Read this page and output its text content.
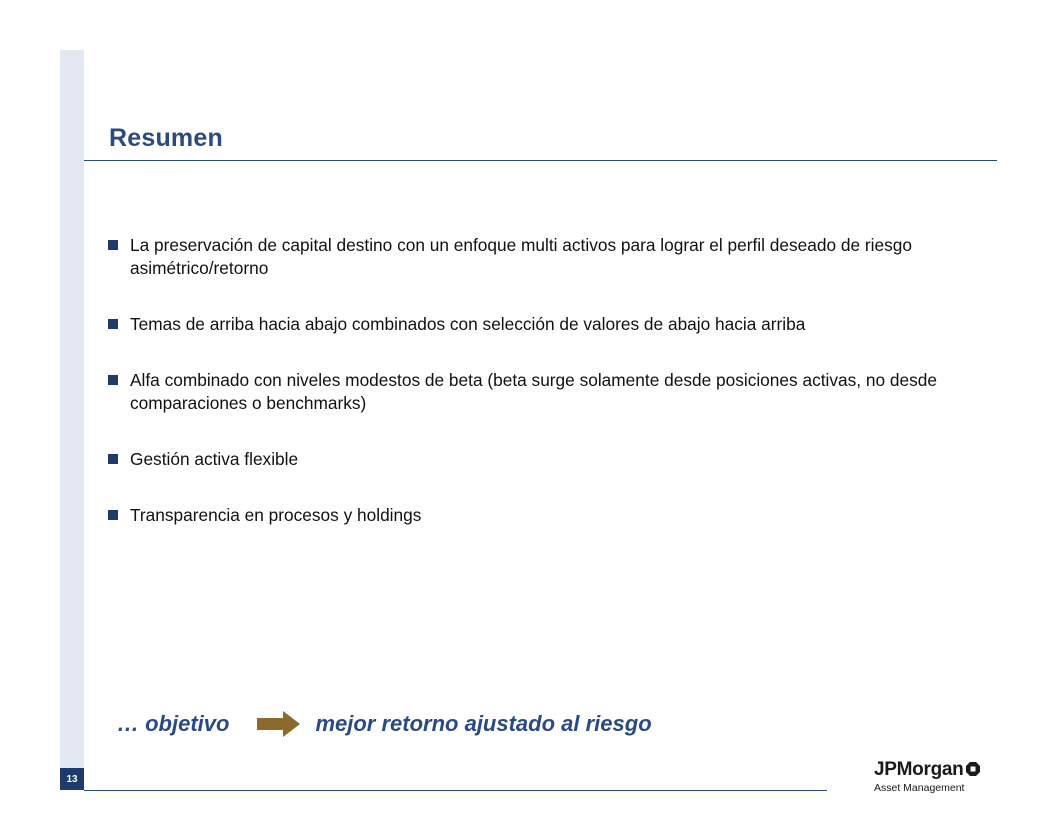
Resumen
La preservación de capital destino con un enfoque multi activos para lograr el perfil deseado de riesgo asimétrico/retorno
Temas de arriba hacia abajo combinados con selección de valores de abajo hacia arriba
Alfa combinado con niveles modestos de beta (beta surge solamente desde posiciones activas, no desde comparaciones o benchmarks)
Gestión activa flexible
Transparencia en procesos y holdings
… objetivo	mejor retorno ajustado al riesgo
13	JPMorgan
Asset Management
